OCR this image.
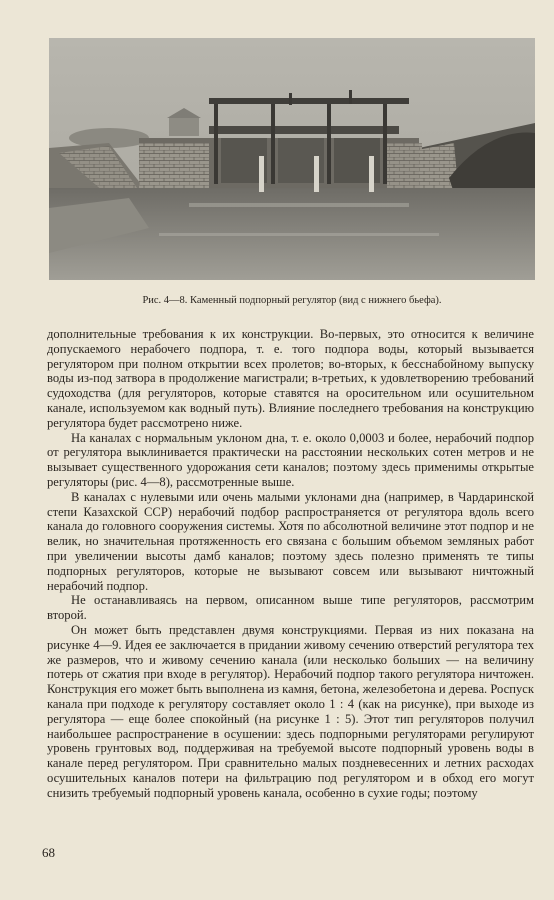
Рис. 4—8. Каменный подпорный регулятор (вид с нижнего бьефа).

дополнительные требования к их конструкции. Во-первых, это относится к величине допускаемого нерабочего подпора, т. е. того подпора воды, который вызывается регулятором при полном открытии всех пролетов; во-вторых, к бесснабойному выпуску воды из-под затвора в продолжение магистрали; в-третьих, к удовлетворению требований судоходства (для регуляторов, которые ставятся на оросительном или осушительном канале, используемом как водный путь). Влияние последнего требования на конструкцию регулятора будет рассмотрено ниже.

На каналах с нормальным уклоном дна, т. е. около 0,0003 и более, нерабочий подпор от регулятора выклинивается практически на расстоянии нескольких сотен метров и не вызывает существенного удорожания сети каналов; поэтому здесь применимы открытые регуляторы (рис. 4—8), рассмотренные выше.

В каналах с нулевыми или очень малыми уклонами дна (например, в Чардаринской степи Казахской ССР) нерабочий подбор распространяется от регулятора вдоль всего канала до головного сооружения системы. Хотя по абсолютной величине этот подпор и не велик, но значительная протяженность его связана с большим объемом земляных работ при увеличении высоты дамб каналов; поэтому здесь полезно применять те типы подпорных регуляторов, которые не вызывают совсем или вызывают ничтожный нерабочий подпор.

Не останавливаясь на первом, описанном выше типе регуляторов, рассмотрим второй.

Он может быть представлен двумя конструкциями. Первая из них показана на рисунке 4—9. Идея ее заключается в придании живому сечению отверстий регулятора тех же размеров, что и живому сечению канала (или несколько больших — на величину потерь от сжатия при входе в регулятор). Нерабочий подпор такого регулятора ничтожен. Конструкция его может быть выполнена из камня, бетона, железобетона и дерева. Роспуск канала при подходе к регулятору составляет около 1 : 4 (как на рисунке), при выходе из регулятора — еще более спокойный (на рисунке 1 : 5). Этот тип регуляторов получил наибольшее распространение в осушении: здесь подпорными регуляторами регулируют уровень грунтовых вод, поддерживая на требуемой высоте подпорный уровень воды в канале перед регулятором. При сравнительно малых поздневесенних и летних расходах осушительных каналов потери на фильтрацию под регулятором и в обход его могут снизить требуемый подпорный уровень канала, особенно в сухие годы; поэтому

68
